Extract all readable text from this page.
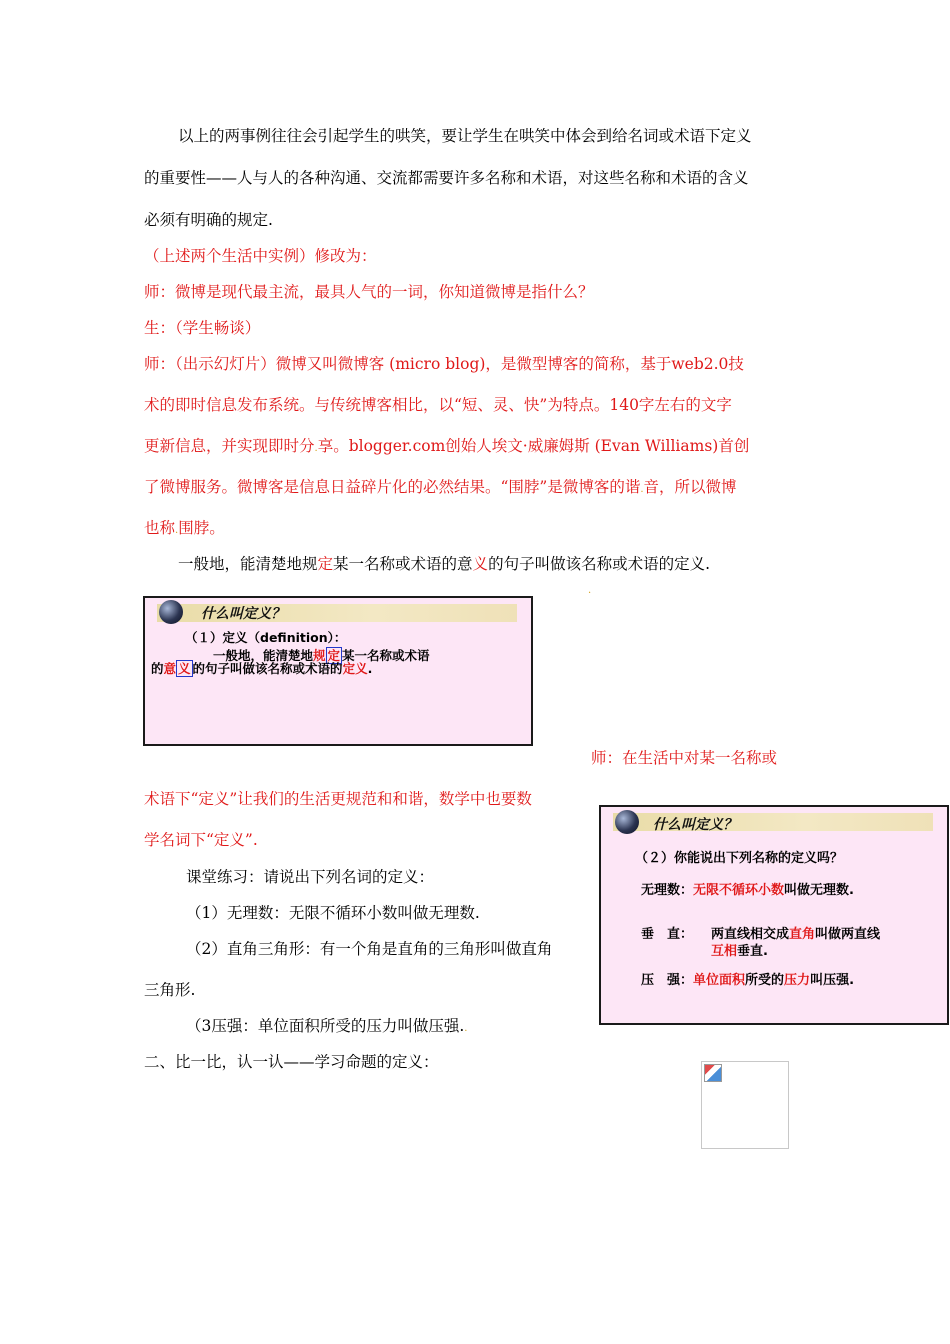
以上的两事例往往会引起学生的哄笑，要让学生在哄笑中体会到给名词或术语下定义
的重要性——人与人的各种沟通、交流都需要许多名称和术语，对这些名称和术语的含义
必须有明确的规定.
（上述两个生活中实例）修改为：
师：微博是现代最主流，最具人气的一词，你知道微博是指什么？
生：（学生畅谈）
师：（出示幻灯片）微博又叫微博客 (micro blog)，是微型博客的简称，基于web2.0技
术的即时信息发布系统。与传统博客相比，以“短、灵、快”为特点。140字左右的文字
更新信息，并实现即时分.享。blogger.com创始人埃文·威廉姆斯 (Evan Williams)首创
了微博服务。微博客是信息日益碎片化的必然结果。“围脖”是微博客的谐.音，所以微博
也称.围脖。
一般地，能清楚地规定某一名称或术语的意义的句子叫做该名称或术语的定义.
.
什么叫定义？
（１）定义（definition）：
一般地，能清楚地规 定 某一名称或术语
的意 义 的句子叫做该名称或术语的定义.
师：在生活中对某一名称或
术语下“定义”让我们的生活更规范和和谐，数学中也要数
学名词下“定义”.
课堂练习：请说出下列名词的定义：
（1）无理数：无限不循环小数叫做无理数.
（2）直角三角形：有一个角是直角的三角形叫做直角
三角形.
（3压强：单位面积所受的压力叫做压强..
什么叫定义？
（２）你能说出下列名称的定义吗？
无理数：无限不循环小数叫做无理数.
垂　直： 两直线相交成直角叫做两直线
互相垂直.
压　强：单位面积所受的压力叫压强.
二、比一比，认一认——学习命题的定义：
